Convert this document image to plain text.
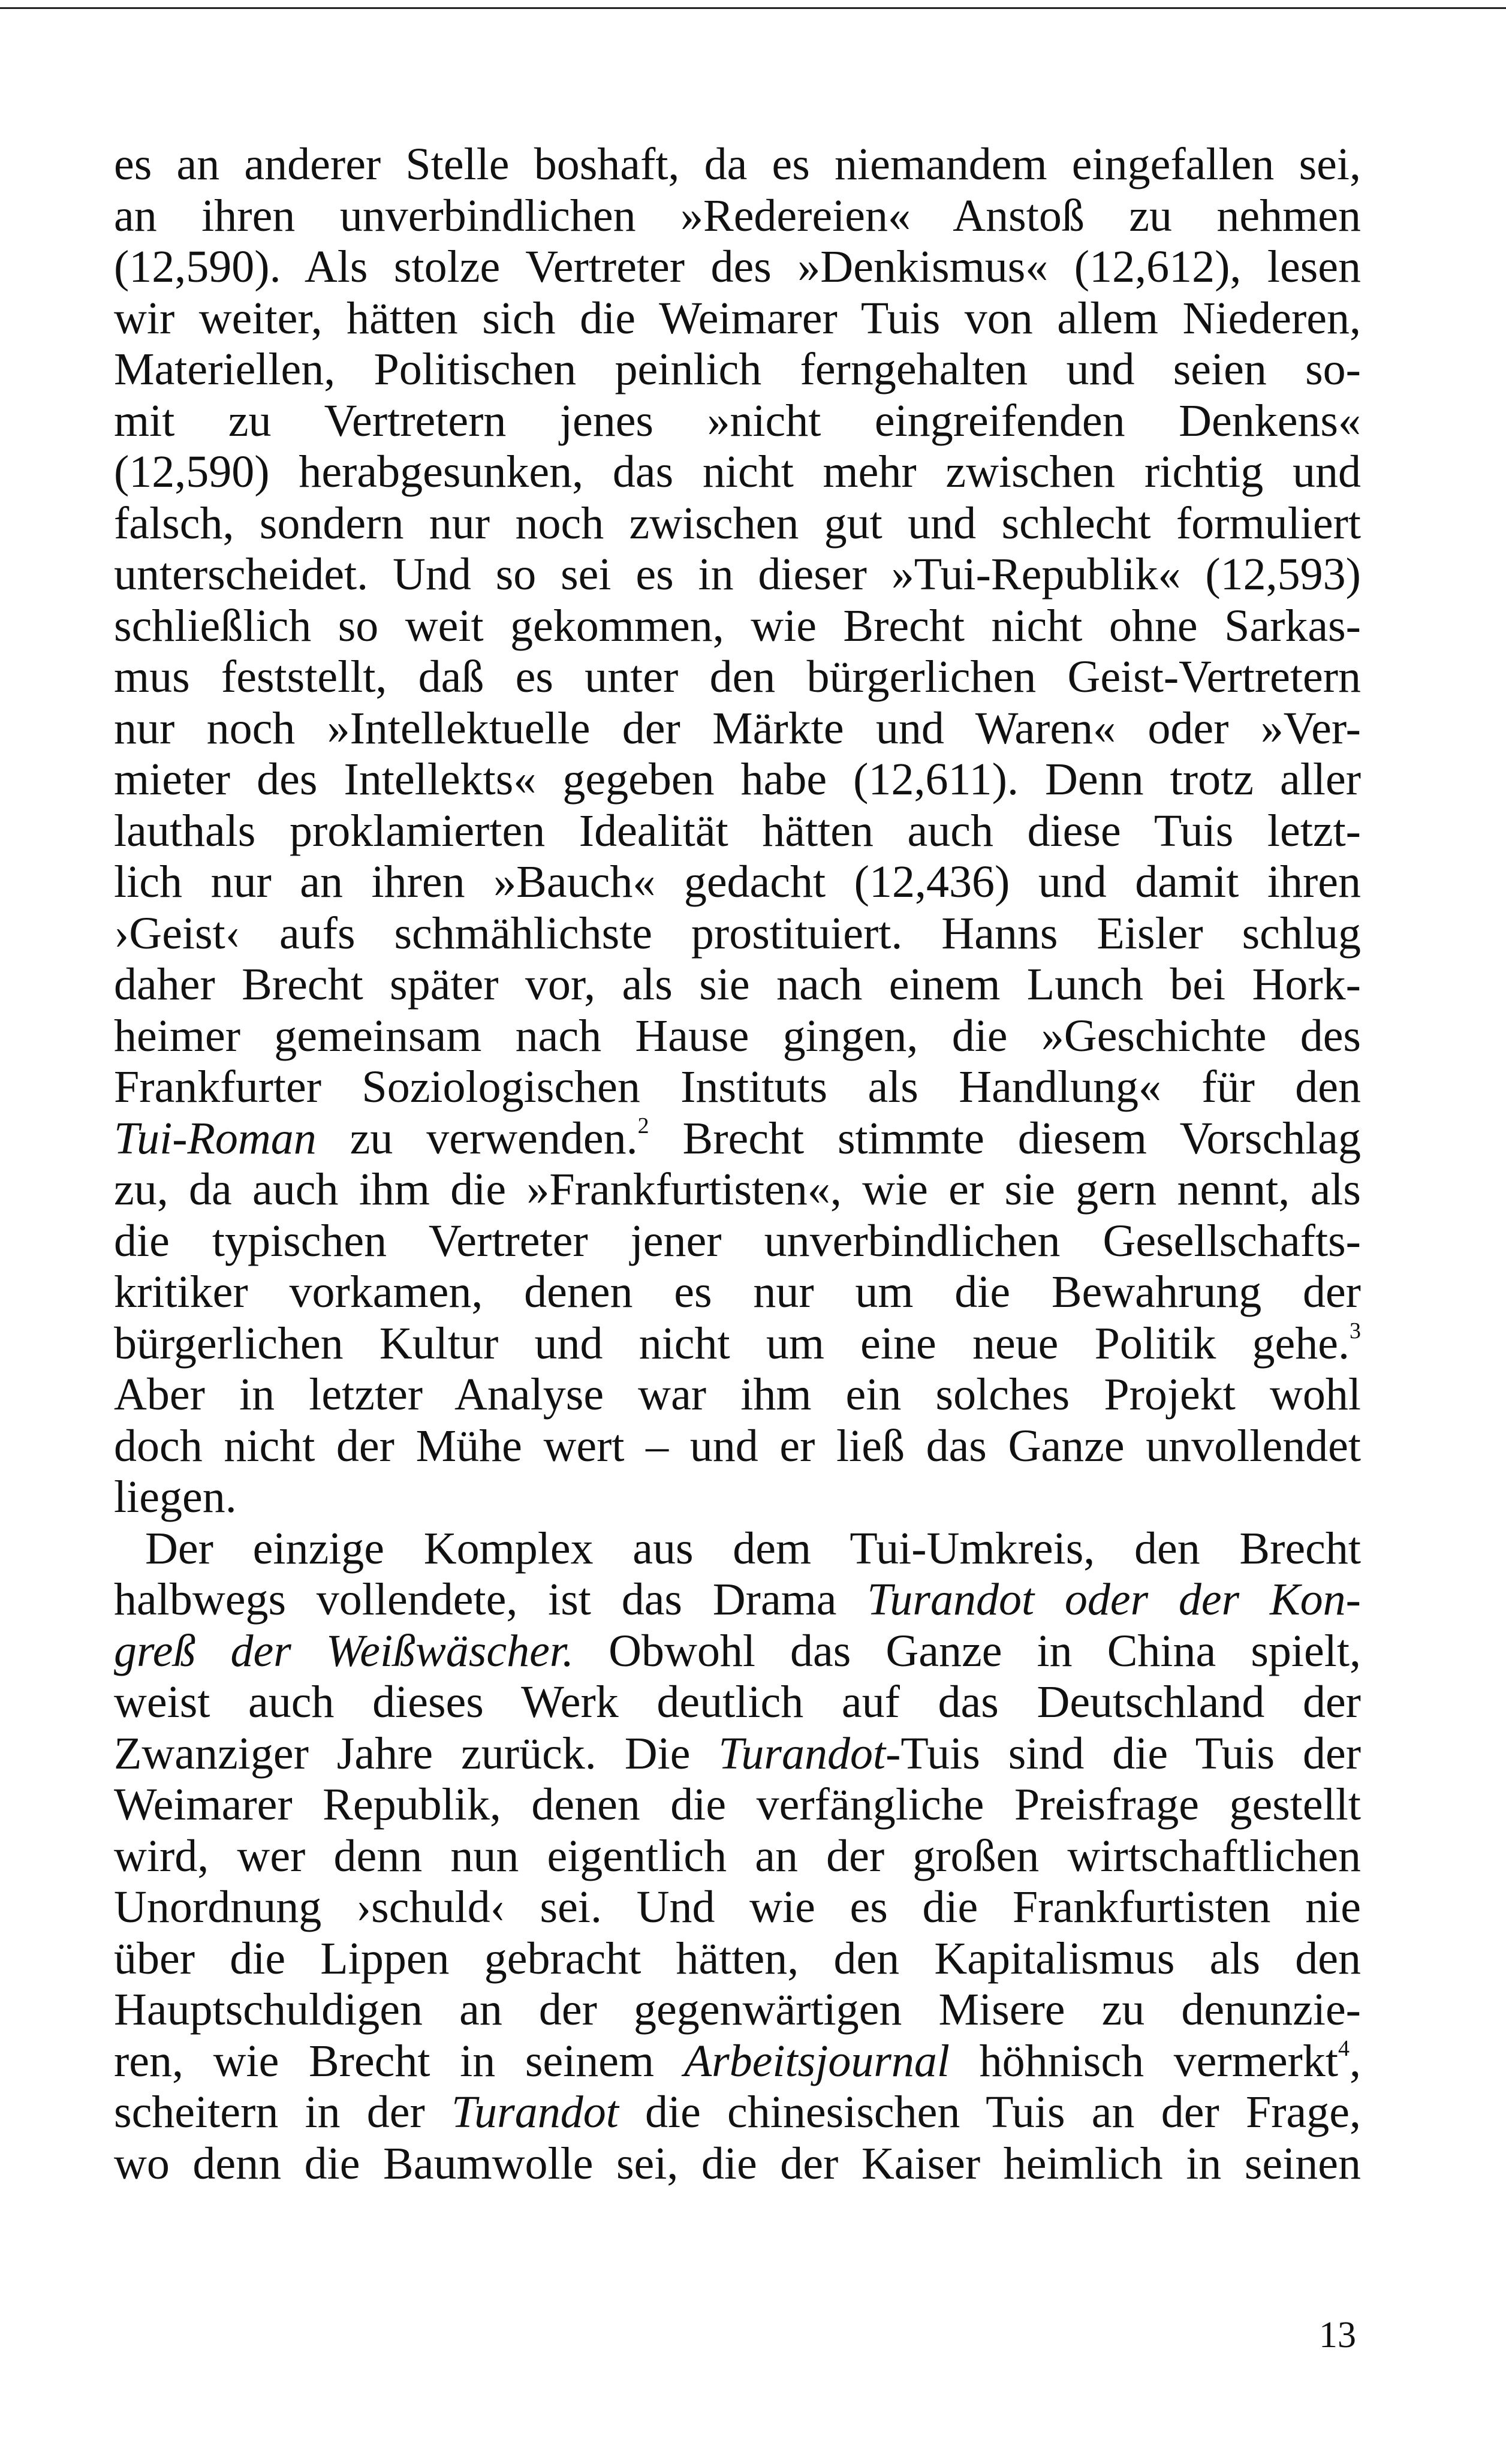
es an anderer Stelle boshaft, da es niemandem eingefallen sei,
an ihren unverbindlichen »Redereien« Anstoß zu nehmen
(12,590). Als stolze Vertreter des »Denkismus« (12,612), lesen
wir weiter, hätten sich die Weimarer Tuis von allem Niederen,
Materiellen, Politischen peinlich ferngehalten und seien so-
mit zu Vertretern jenes »nicht eingreifenden Denkens«
(12,590) herabgesunken, das nicht mehr zwischen richtig und
falsch, sondern nur noch zwischen gut und schlecht formuliert
unterscheidet. Und so sei es in dieser »Tui-Republik« (12,593)
schließlich so weit gekommen, wie Brecht nicht ohne Sarkas-
mus feststellt, daß es unter den bürgerlichen Geist-Vertretern
nur noch »Intellektuelle der Märkte und Waren« oder »Ver-
mieter des Intellekts« gegeben habe (12,611). Denn trotz aller
lauthals proklamierten Idealität hätten auch diese Tuis letzt-
lich nur an ihren »Bauch« gedacht (12,436) und damit ihren
›Geist‹ aufs schmählichste prostituiert. Hanns Eisler schlug
daher Brecht später vor, als sie nach einem Lunch bei Hork-
heimer gemeinsam nach Hause gingen, die »Geschichte des
Frankfurter Soziologischen Instituts als Handlung« für den
Tui-Roman zu verwenden.$^2$ Brecht stimmte diesem Vorschlag
zu, da auch ihm die »Frankfurtisten«, wie er sie gern nennt, als
die typischen Vertreter jener unverbindlichen Gesellschafts-
kritiker vorkamen, denen es nur um die Bewahrung der
bürgerlichen Kultur und nicht um eine neue Politik gehe.$^3$
Aber in letzter Analyse war ihm ein solches Projekt wohl
doch nicht der Mühe wert – und er ließ das Ganze unvollendet
liegen.
Der einzige Komplex aus dem Tui-Umkreis, den Brecht
halbwegs vollendete, ist das Drama Turandot oder der Kon-
greß der Weißwäscher. Obwohl das Ganze in China spielt,
weist auch dieses Werk deutlich auf das Deutschland der
Zwanziger Jahre zurück. Die Turandot-Tuis sind die Tuis der
Weimarer Republik, denen die verfängliche Preisfrage gestellt
wird, wer denn nun eigentlich an der großen wirtschaftlichen
Unordnung ›schuld‹ sei. Und wie es die Frankfurtisten nie
über die Lippen gebracht hätten, den Kapitalismus als den
Hauptschuldigen an der gegenwärtigen Misere zu denunzie-
ren, wie Brecht in seinem Arbeitsjournal höhnisch vermerkt$^4$,
scheitern in der Turandot die chinesischen Tuis an der Frage,
wo denn die Baumwolle sei, die der Kaiser heimlich in seinen
13
